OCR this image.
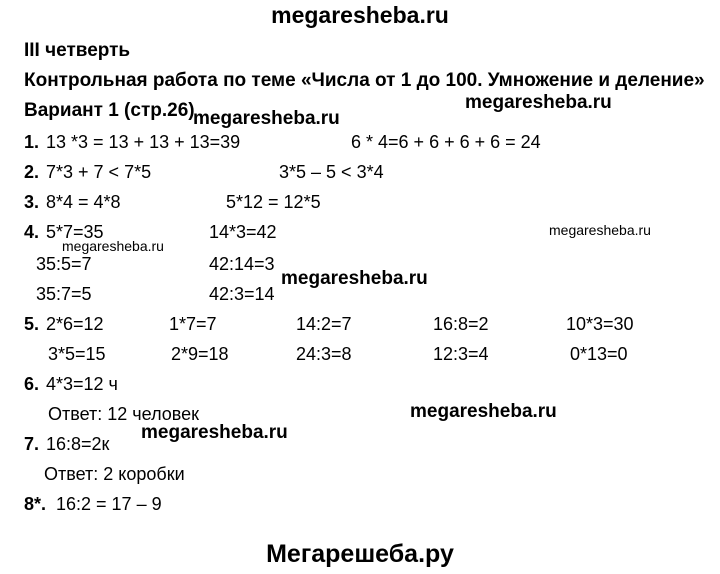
megaresheba.ru
III четверть
Контрольная работа по теме «Числа от 1 до 100. Умножение и деление»
Вариант 1 (стр.26)
1. 13 *3 = 13 + 13 + 13=39	6 * 4=6 + 6 + 6 + 6 = 24
2. 7*3 + 7 < 7*5	3*5 – 5 < 3*4
3. 8*4 = 4*8	5*12 = 12*5
4. 5*7=35	14*3=42
35:5=7	42:14=3
35:7=5	42:3=14
5. 2*6=12	1*7=7	14:2=7	16:8=2	10*3=30
3*5=15	2*9=18	24:3=8	12:3=4	0*13=0
6. 4*3=12 ч
Ответ: 12 человек
7. 16:8=2к
Ответ: 2 коробки
8*. 16:2 = 17 – 9
megaresheba.ru
megaresheba.ru
megaresheba.ru
megaresheba.ru
megaresheba.ru
megaresheba.ru
megaresheba.ru
Мегарешеба.ру
